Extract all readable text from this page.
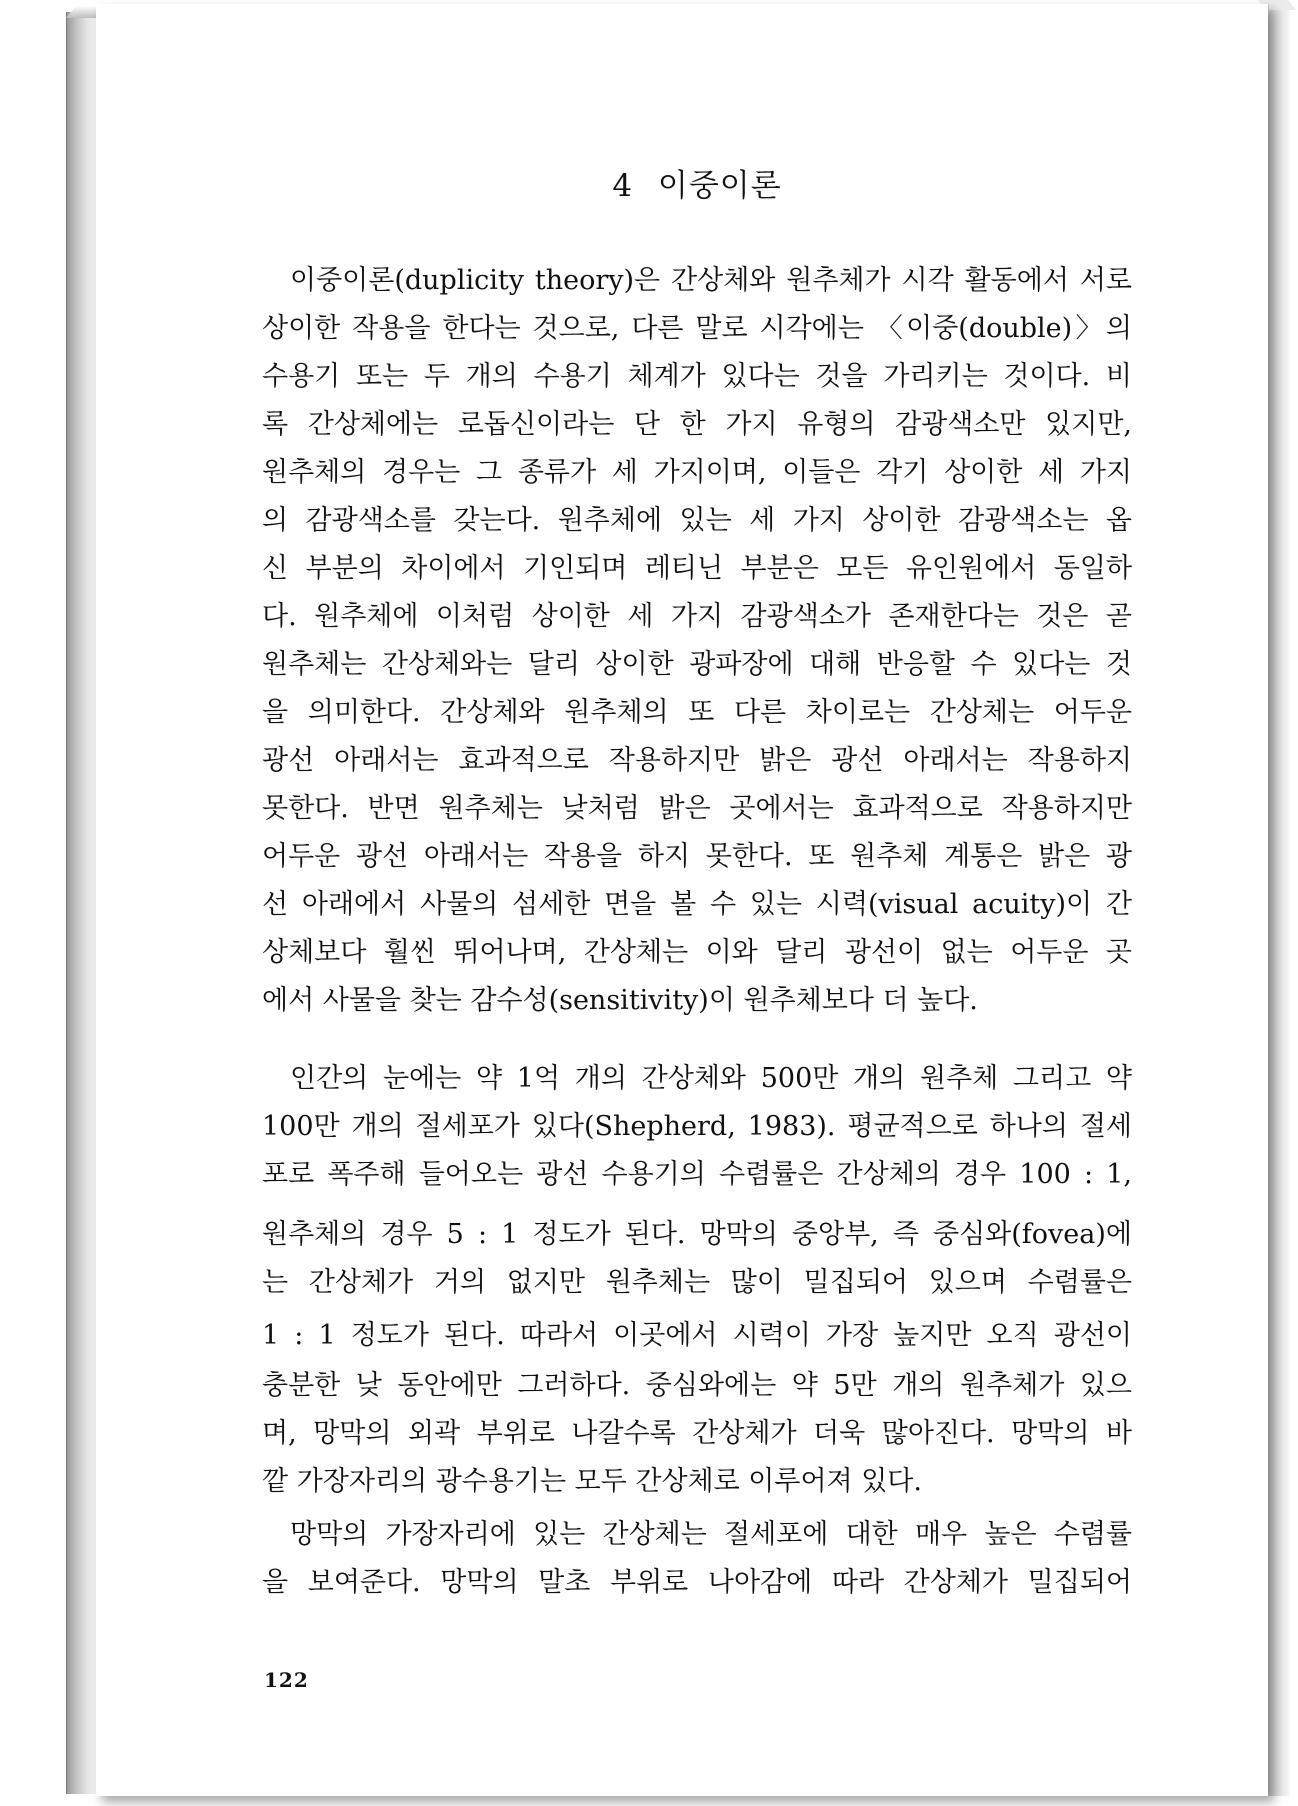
4 이중이론
이중이론(duplicity theory)은 간상체와 원추체가 시각 활동에서 서로
상이한 작용을 한다는 것으로, 다른 말로 시각에는 〈이중(double)〉의
수용기 또는 두 개의 수용기 체계가 있다는 것을 가리키는 것이다. 비
록 간상체에는 로돕신이라는 단 한 가지 유형의 감광색소만 있지만,
원추체의 경우는 그 종류가 세 가지이며, 이들은 각기 상이한 세 가지
의 감광색소를 갖는다. 원추체에 있는 세 가지 상이한 감광색소는 옵
신 부분의 차이에서 기인되며 레티닌 부분은 모든 유인원에서 동일하
다. 원추체에 이처럼 상이한 세 가지 감광색소가 존재한다는 것은 곧
원추체는 간상체와는 달리 상이한 광파장에 대해 반응할 수 있다는 것
을 의미한다. 간상체와 원추체의 또 다른 차이로는 간상체는 어두운
광선 아래서는 효과적으로 작용하지만 밝은 광선 아래서는 작용하지
못한다. 반면 원추체는 낮처럼 밝은 곳에서는 효과적으로 작용하지만
어두운 광선 아래서는 작용을 하지 못한다. 또 원추체 계통은 밝은 광
선 아래에서 사물의 섬세한 면을 볼 수 있는 시력(visual acuity)이 간
상체보다 훨씬 뛰어나며, 간상체는 이와 달리 광선이 없는 어두운 곳
에서 사물을 찾는 감수성(sensitivity)이 원추체보다 더 높다.
인간의 눈에는 약 1억 개의 간상체와 500만 개의 원추체 그리고 약
100만 개의 절세포가 있다(Shepherd, 1983). 평균적으로 하나의 절세
포로 폭주해 들어오는 광선 수용기의 수렴률은 간상체의 경우 100 : 1,
원추체의 경우 5 : 1 정도가 된다. 망막의 중앙부, 즉 중심와(fovea)에
는 간상체가 거의 없지만 원추체는 많이 밀집되어 있으며 수렴률은
1 : 1 정도가 된다. 따라서 이곳에서 시력이 가장 높지만 오직 광선이
충분한 낮 동안에만 그러하다. 중심와에는 약 5만 개의 원추체가 있으
며, 망막의 외곽 부위로 나갈수록 간상체가 더욱 많아진다. 망막의 바
깥 가장자리의 광수용기는 모두 간상체로 이루어져 있다.
망막의 가장자리에 있는 간상체는 절세포에 대한 매우 높은 수렴률
을 보여준다. 망막의 말초 부위로 나아감에 따라 간상체가 밀집되어
122
